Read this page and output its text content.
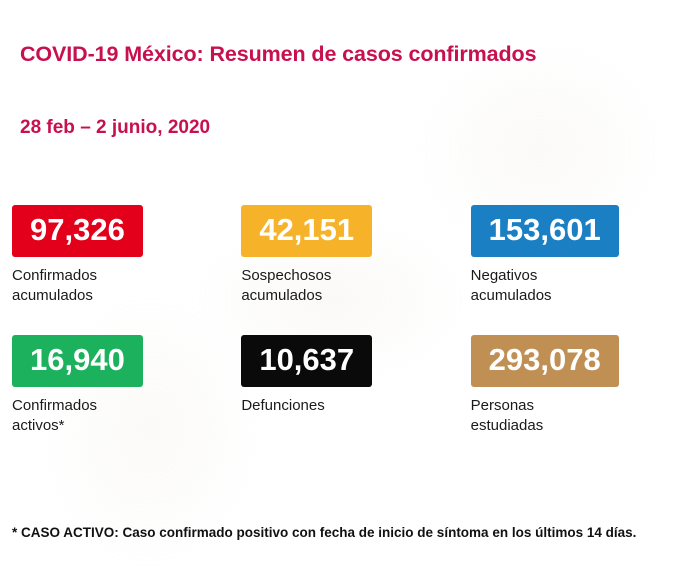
COVID-19 México: Resumen de casos confirmados
28 feb – 2 junio, 2020
97,326
Confirmados
acumulados
42,151
Sospechosos
acumulados
153,601
Negativos
acumulados
16,940
Confirmados
activos*
10,637
Defunciones
293,078
Personas
estudiadas
* CASO ACTIVO: Caso confirmado positivo con fecha de inicio de síntoma en los últimos 14 días.
